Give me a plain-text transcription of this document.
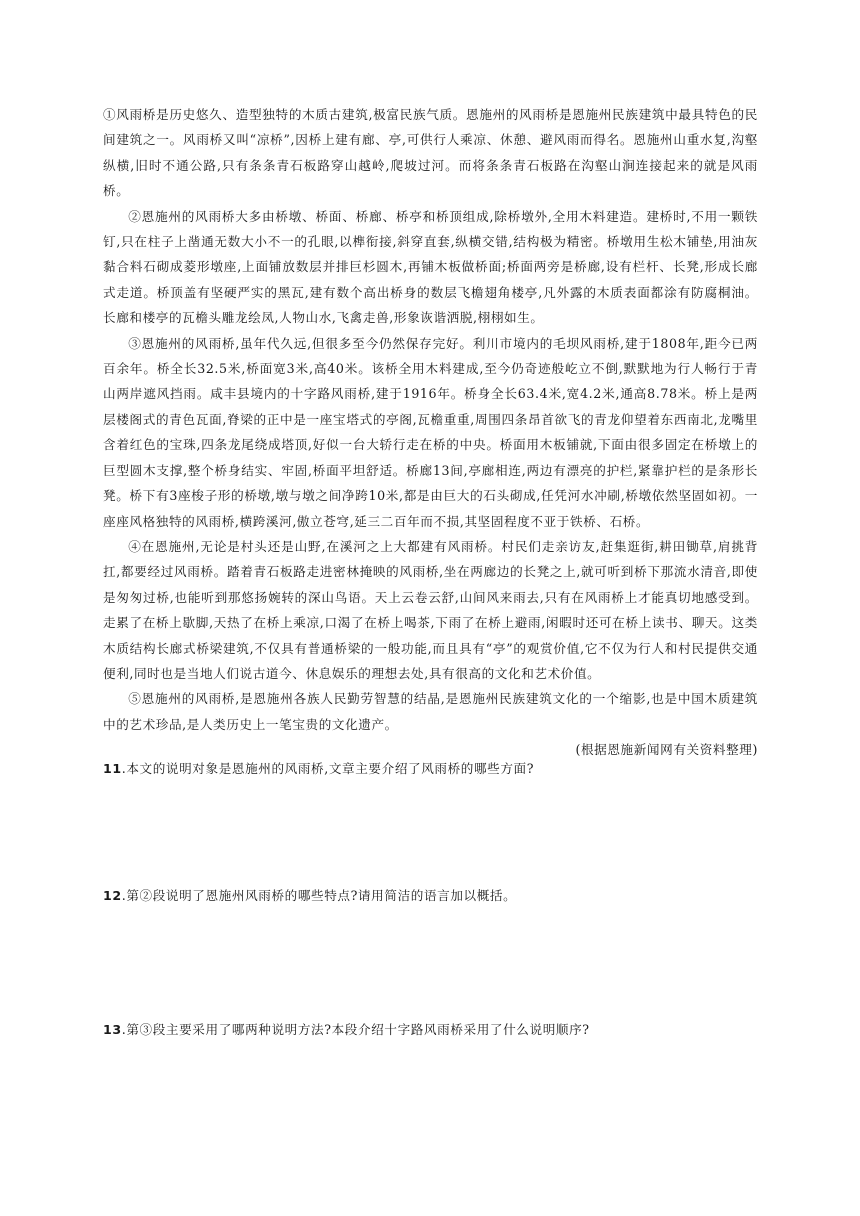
①风雨桥是历史悠久、造型独特的木质古建筑,极富民族气质。恩施州的风雨桥是恩施州民族建筑中最具特色的民间建筑之一。风雨桥又叫“凉桥”,因桥上建有廊、亭,可供行人乘凉、休憩、避风雨而得名。恩施州山重水复,沟壑纵横,旧时不通公路,只有条条青石板路穿山越岭,爬坡过河。而将条条青石板路在沟壑山涧连接起来的就是风雨桥。

②恩施州的风雨桥大多由桥墩、桥面、桥廊、桥亭和桥顶组成,除桥墩外,全用木料建造。建桥时,不用一颗铁钉,只在柱子上凿通无数大小不一的孔眼,以榫衔接,斜穿直套,纵横交错,结构极为精密。桥墩用生松木铺垫,用油灰黏合料石砌成菱形墩座,上面铺放数层并排巨杉圆木,再铺木板做桥面;桥面两旁是桥廊,设有栏杆、长凳,形成长廊式走道。桥顶盖有坚硬严实的黑瓦,建有数个高出桥身的数层飞檐翅角楼亭,凡外露的木质表面都涂有防腐桐油。长廊和楼亭的瓦檐头雕龙绘凤,人物山水,飞禽走兽,形象诙谐洒脱,栩栩如生。

③恩施州的风雨桥,虽年代久远,但很多至今仍然保存完好。利川市境内的毛坝风雨桥,建于1808年,距今已两百余年。桥全长32.5米,桥面宽3米,高40米。该桥全用木料建成,至今仍奇迹般屹立不倒,默默地为行人畅行于青山两岸遮风挡雨。咸丰县境内的十字路风雨桥,建于1916年。桥身全长63.4米,宽4.2米,通高8.78米。桥上是两层楼阁式的青色瓦面,脊梁的正中是一座宝塔式的亭阁,瓦檐重重,周围四条昂首欲飞的青龙仰望着东西南北,龙嘴里含着红色的宝珠,四条龙尾绕成塔顶,好似一台大轿行走在桥的中央。桥面用木板铺就,下面由很多固定在桥墩上的巨型圆木支撑,整个桥身结实、牢固,桥面平坦舒适。桥廊13间,亭廊相连,两边有漂亮的护栏,紧靠护栏的是条形长凳。桥下有3座梭子形的桥墩,墩与墩之间净跨10米,都是由巨大的石头砌成,任凭河水冲刷,桥墩依然坚固如初。一座座风格独特的风雨桥,横跨溪河,傲立苍穹,延三二百年而不损,其坚固程度不亚于铁桥、石桥。

④在恩施州,无论是村头还是山野,在溪河之上大都建有风雨桥。村民们走亲访友,赶集逛街,耕田锄草,肩挑背扛,都要经过风雨桥。踏着青石板路走进密林掩映的风雨桥,坐在两廊边的长凳之上,就可听到桥下那流水清音,即使是匆匆过桥,也能听到那悠扬婉转的深山鸟语。天上云卷云舒,山间风来雨去,只有在风雨桥上才能真切地感受到。走累了在桥上歇脚,天热了在桥上乘凉,口渴了在桥上喝茶,下雨了在桥上避雨,闲暇时还可在桥上读书、聊天。这类木质结构长廊式桥梁建筑,不仅具有普通桥梁的一般功能,而且具有“亭”的观赏价值,它不仅为行人和村民提供交通便利,同时也是当地人们说古道今、休息娱乐的理想去处,具有很高的文化和艺术价值。

⑤恩施州的风雨桥,是恩施州各族人民勤劳智慧的结晶,是恩施州民族建筑文化的一个缩影,也是中国木质建筑中的艺术珍品,是人类历史上一笔宝贵的文化遗产。

(根据恩施新闻网有关资料整理)

11.本文的说明对象是恩施州的风雨桥,文章主要介绍了风雨桥的哪些方面?

12.第②段说明了恩施州风雨桥的哪些特点?请用简洁的语言加以概括。

13.第③段主要采用了哪两种说明方法?本段介绍十字路风雨桥采用了什么说明顺序?
